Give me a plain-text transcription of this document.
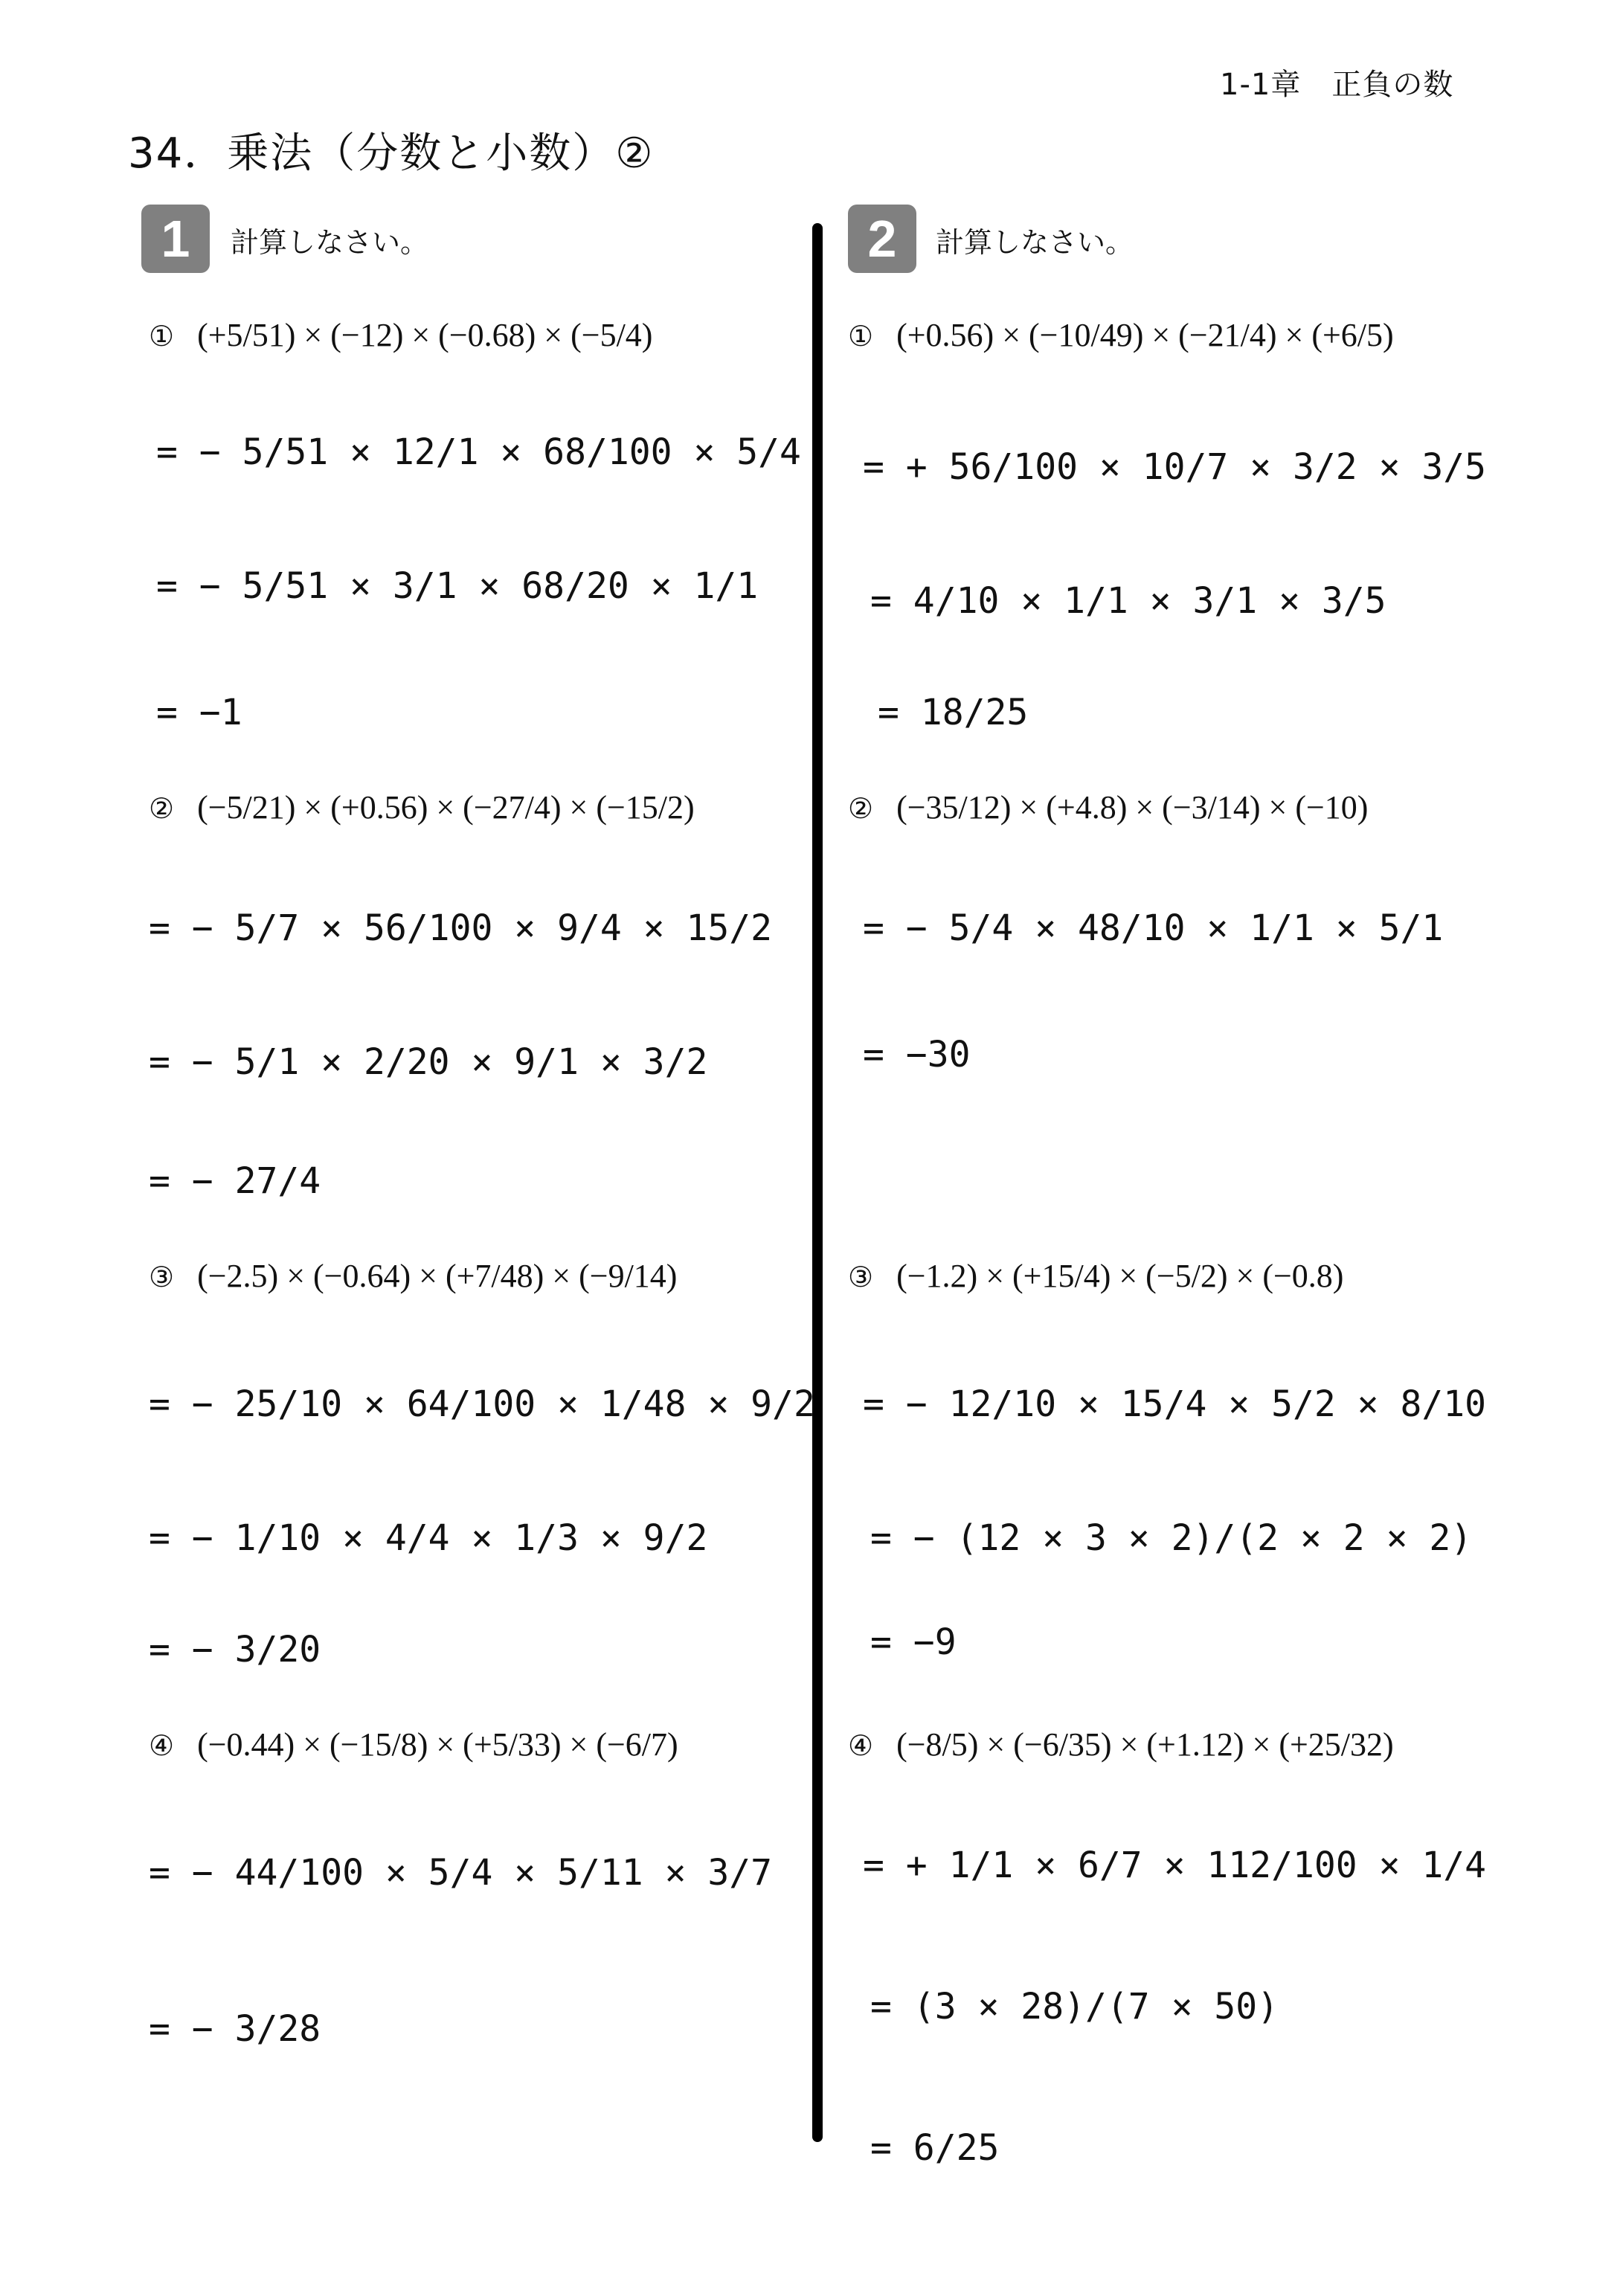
1-1章　正負の数
34．乗法（分数と小数）②
1	計算しなさい。	2	計算しなさい。
① (+5/51) × (−12) × (−0.68) × (−5/4)
= − 5/51 × 12/1 × 68/100 × 5/4
= − 5/51 × 3/1 × 68/20 × 1/1
= −1
② (−5/21) × (+0.56) × (−27/4) × (−15/2)
= − 5/7 × 56/100 × 9/4 × 15/2
= − 5/1 × 2/20 × 9/1 × 3/2
= − 27/4
③ (−2.5) × (−0.64) × (+7/48) × (−9/14)
= − 25/10 × 64/100 × 1/48 × 9/2
= − 1/10 × 4/4 × 1/3 × 9/2
= − 3/20
④ (−0.44) × (−15/8) × (+5/33) × (−6/7)
= − 44/100 × 5/4 × 5/11 × 3/7
= − 3/28
① (+0.56) × (−10/49) × (−21/4) × (+6/5)
= + 56/100 × 10/7 × 3/2 × 3/5
= 4/10 × 1/1 × 3/1 × 3/5
= 18/25
② (−35/12) × (+4.8) × (−3/14) × (−10)
= − 5/4 × 48/10 × 1/1 × 5/1
= −30
③ (−1.2) × (+15/4) × (−5/2) × (−0.8)
= − 12/10 × 15/4 × 5/2 × 8/10
= − (12 × 3 × 2)/(2 × 2 × 2)
= −9
④ (−8/5) × (−6/35) × (+1.12) × (+25/32)
= + 1/1 × 6/7 × 112/100 × 1/4
= (3 × 28)/(7 × 50)
= 6/25
